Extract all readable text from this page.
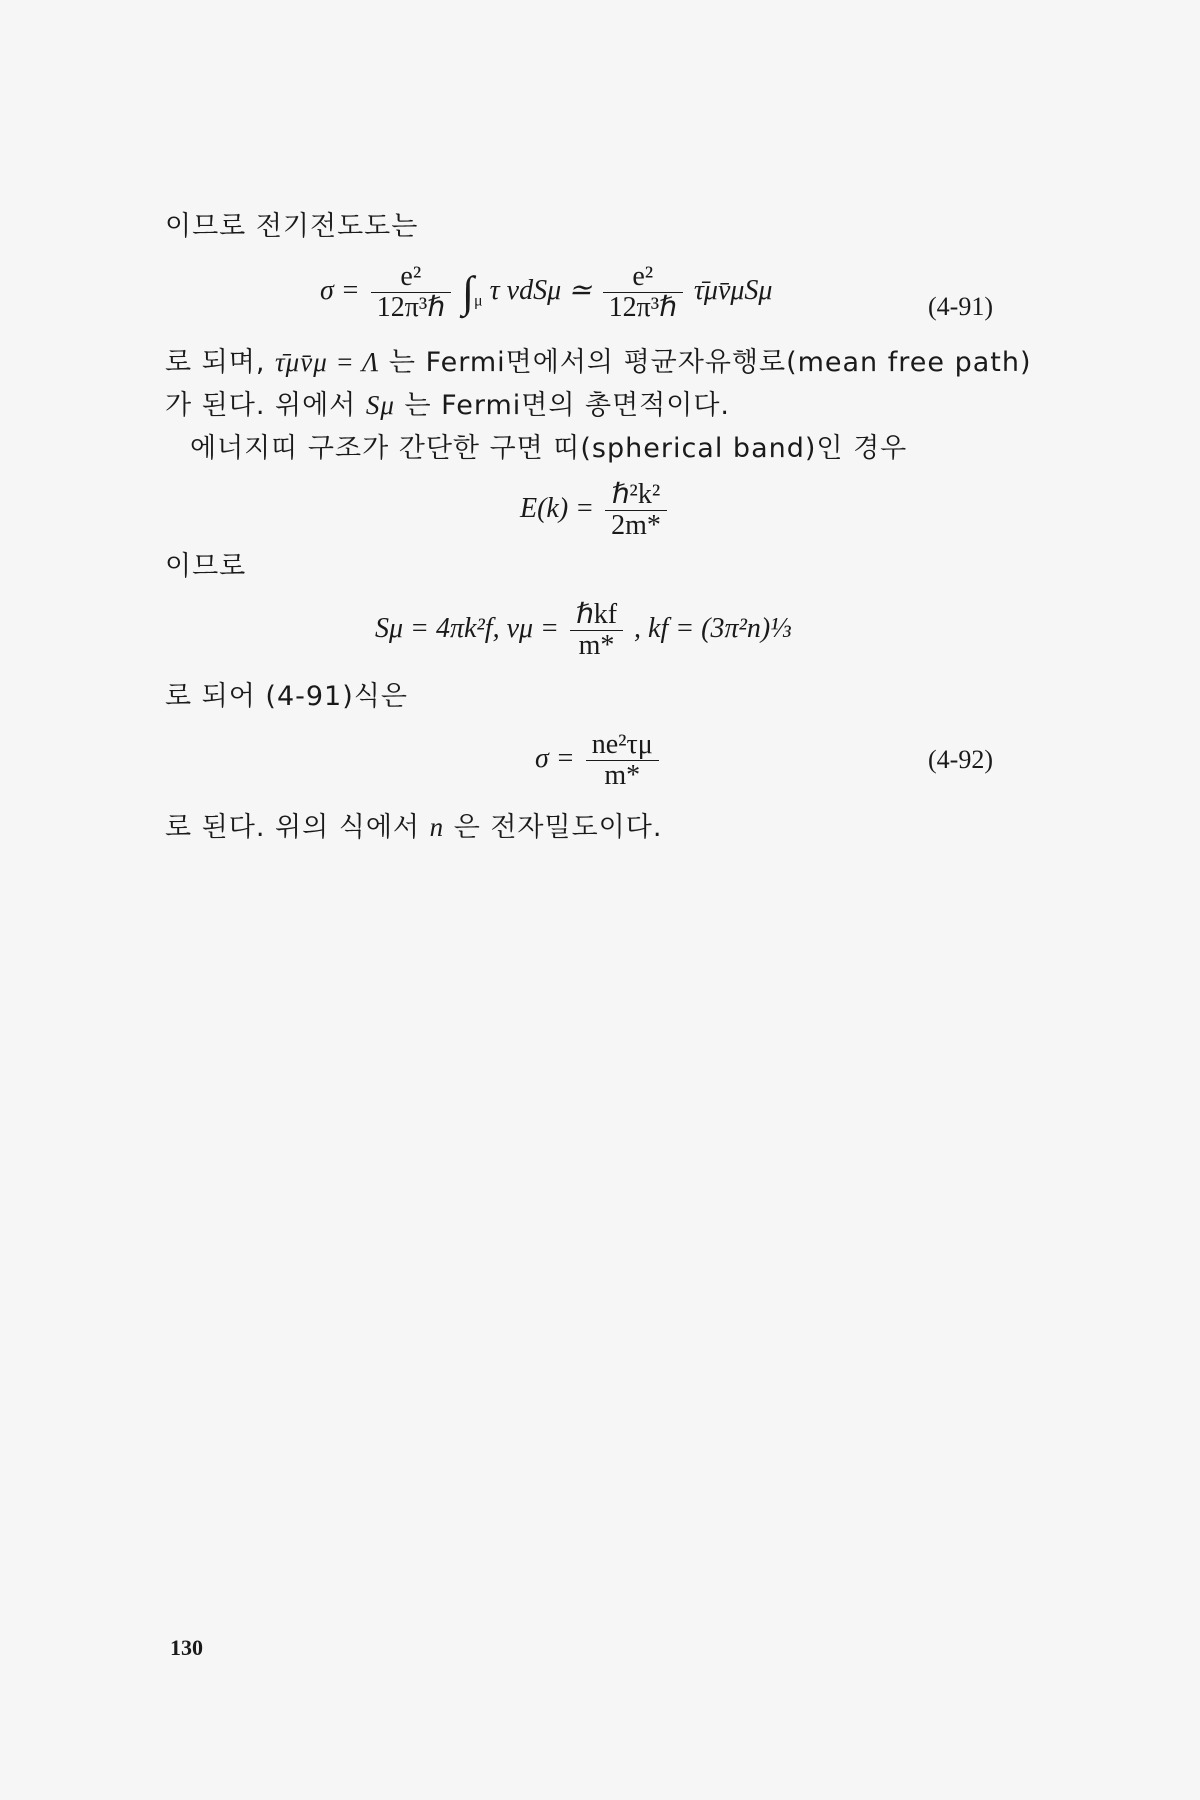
이므로 전기전도도는
$\sigma = \frac{\text{e²}}{\text{12π³ℏ}} \int_\mu$ τ vdSμ ≃ $\frac{\text{e²}}{\text{12π³ℏ}}$ τ̄μv̄μSμ
(4-91)
로 되며, τ̄μv̄μ = Λ 는 Fermi면에서의 평균자유행로(mean free path)
가 된다. 위에서 Sμ 는 Fermi면의 총면적이다.
에너지띠 구조가 간단한 구면 띠(spherical band)인 경우
$E(k) = \frac{\text{ℏ²k²}}{2m*}$
이므로
Sμ = 4πk²f, $v\mu = \frac{\text{ℏkf}}{m*}$ , kf = (3π²n)⅓
로 되어 (4-91)식은
$\sigma = \frac{\text{ne²τμ}}{m*}$	(4-92)
로 된다. 위의 식에서 n 은 전자밀도이다.
130
